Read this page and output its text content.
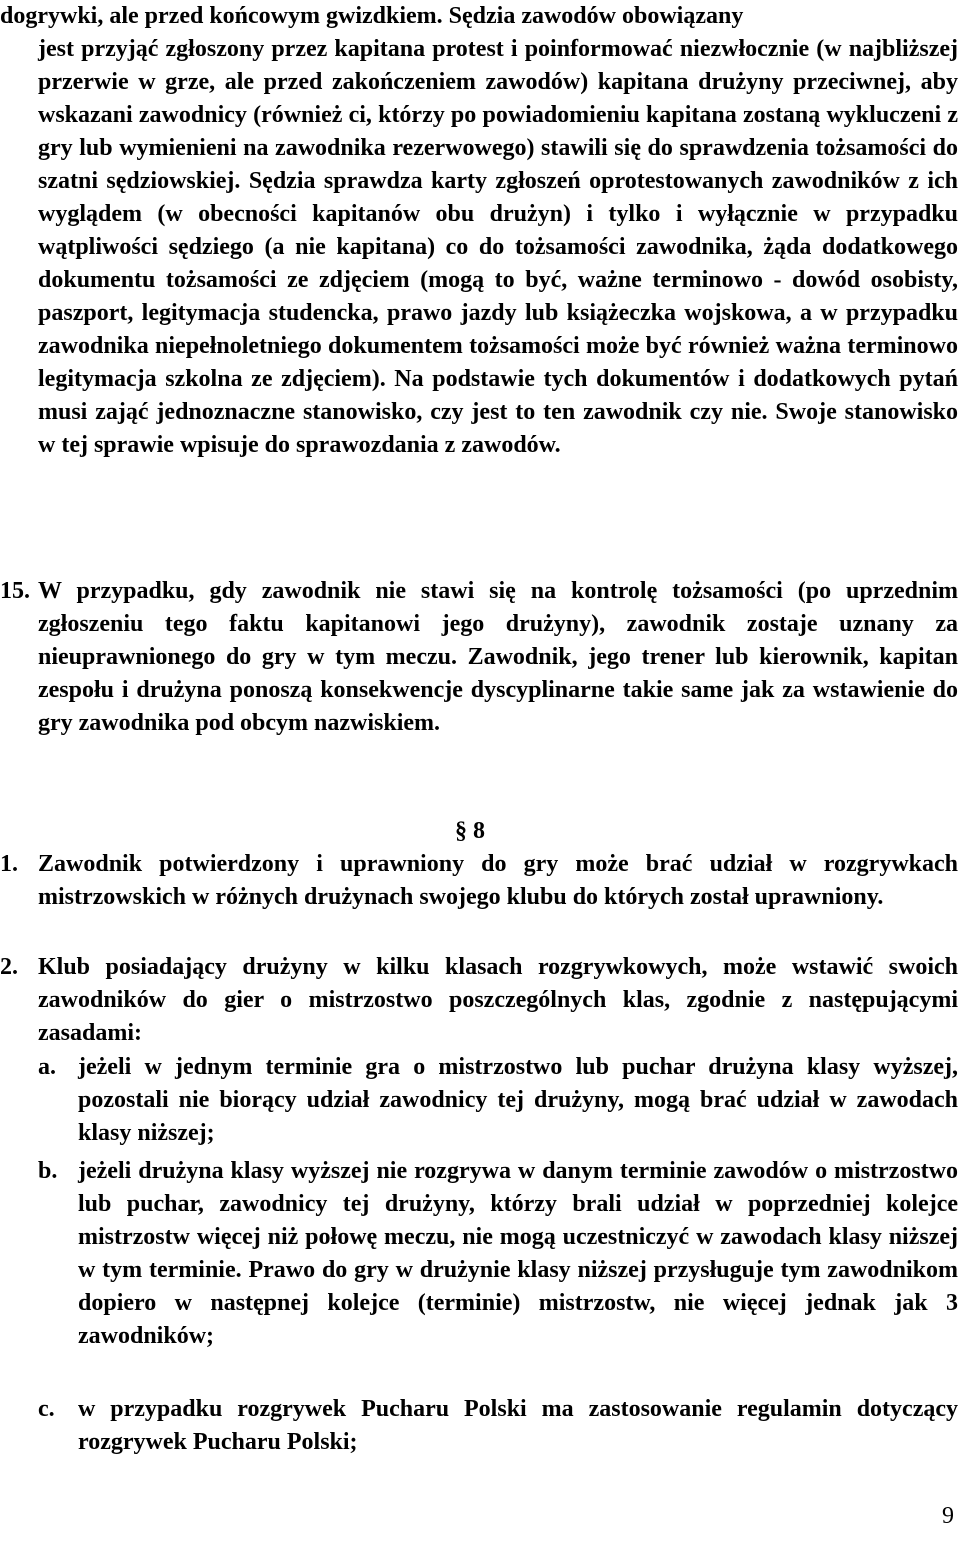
dogrywki, ale przed końcowym gwizdkiem. Sędzia zawodów obowiązany

jest przyjąć zgłoszony przez kapitana protest i poinformować niezwłocznie (w najbliższej przerwie w grze, ale przed zakończeniem zawodów) kapitana drużyny przeciwnej, aby wskazani zawodnicy (również ci, którzy po powiadomieniu kapitana zostaną wykluczeni z gry lub wymienieni na zawodnika rezerwowego) stawili się do sprawdzenia tożsamości do szatni sędziowskiej. Sędzia sprawdza karty zgłoszeń oprotestowanych zawodników z ich wyglądem (w obecności kapitanów obu drużyn) i tylko i wyłącznie w przypadku wątpliwości sędziego (a nie kapitana) co do tożsamości zawodnika, żąda dodatkowego dokumentu tożsamości ze zdjęciem (mogą to być, ważne terminowo - dowód osobisty, paszport, legitymacja studencka, prawo jazdy lub książeczka wojskowa, a w przypadku zawodnika niepełnoletniego dokumentem tożsamości może być również ważna terminowo legitymacja szkolna ze zdjęciem). Na podstawie tych dokumentów i dodatkowych pytań musi zająć jednoznaczne stanowisko, czy jest to ten zawodnik czy nie. Swoje stanowisko w tej sprawie wpisuje do sprawozdania z zawodów.

15. W przypadku, gdy zawodnik nie stawi się na kontrolę tożsamości (po uprzednim zgłoszeniu tego faktu kapitanowi jego drużyny), zawodnik zostaje uznany za nieuprawnionego do gry w tym meczu. Zawodnik, jego trener lub kierownik, kapitan zespołu i drużyna ponoszą konsekwencje dyscyplinarne takie same jak za wstawienie do gry zawodnika pod obcym nazwiskiem.

§ 8
1. Zawodnik potwierdzony i uprawniony do gry może brać udział w rozgrywkach mistrzowskich w różnych drużynach swojego klubu do których został uprawniony.

2. Klub posiadający drużyny w kilku klasach rozgrywkowych, może wstawić swoich zawodników do gier o mistrzostwo poszczególnych klas, zgodnie z następującymi zasadami:

a. jeżeli w jednym terminie gra o mistrzostwo lub puchar drużyna klasy wyższej, pozostali nie biorący udział zawodnicy tej drużyny, mogą brać udział w zawodach klasy niższej;

b. jeżeli drużyna klasy wyższej nie rozgrywa w danym terminie zawodów o mistrzostwo lub puchar, zawodnicy tej drużyny, którzy brali udział w poprzedniej kolejce mistrzostw więcej niż połowę meczu, nie mogą uczestniczyć w zawodach klasy niższej w tym terminie. Prawo do gry w drużynie klasy niższej przysługuje tym zawodnikom dopiero w następnej kolejce (terminie) mistrzostw, nie więcej jednak jak 3 zawodników;

c. w przypadku rozgrywek Pucharu Polski ma zastosowanie regulamin dotyczący rozgrywek Pucharu Polski;

9
